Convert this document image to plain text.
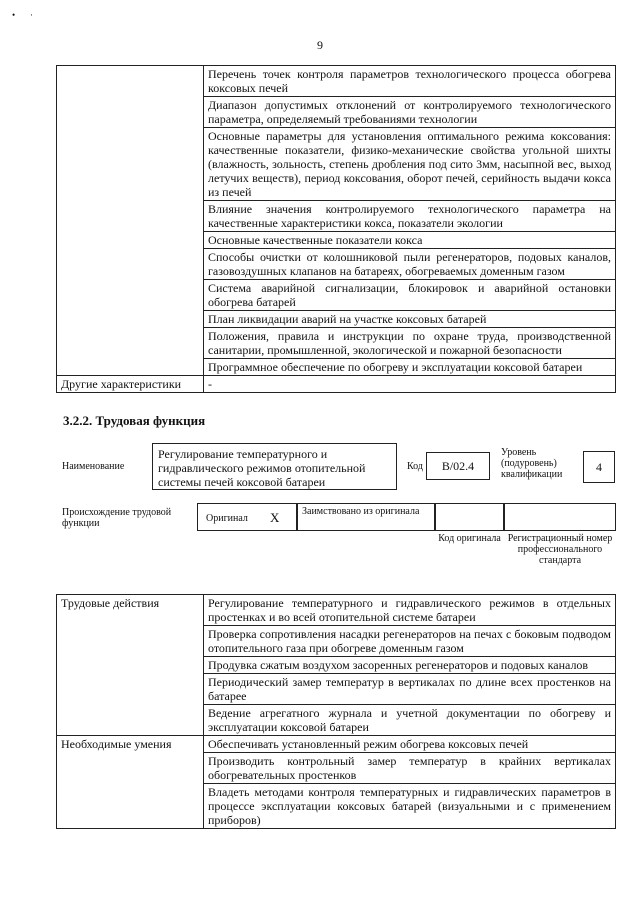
• ·
9
	Перечень точек контроля параметров технологического процесса обогрева коксовых печей
	Диапазон допустимых отклонений от контролируемого технологического параметра, определяемый требованиями технологии
	Основные параметры для установления оптимального режима коксования: качественные показатели, физико-механические свойства угольной шихты (влажность, зольность, степень дробления под сито 3мм, насыпной вес, выход летучих веществ), период коксования, оборот печей, серийность выдачи кокса из печей
	Влияние значения контролируемого технологического параметра на качественные характеристики кокса, показатели экологии
	Основные качественные показатели кокса
	Способы очистки от колошниковой пыли регенераторов, подовых каналов, газовоздушных клапанов на батареях, обогреваемых доменным газом
	Система аварийной сигнализации, блокировок и аварийной остановки обогрева батарей
	План ликвидации аварий на участке коксовых батарей
	Положения, правила и инструкции по охране труда, производственной санитарии, промышленной, экологической и пожарной безопасности
	Программное обеспечение по обогреву и эксплуатации коксовой батареи
Другие характеристики	-
3.2.2. Трудовая функция
Наименование
Регулирование температурного и гидравлического режимов отопительной системы печей коксовой батареи
Код	В/02.4
Уровень (подуровень) квалификации
4
Происхождение трудовой функции	Оригинал X	Заимствовано из оригинала
Код оригинала Регистрационный номер профессионального стандарта
Трудовые действия	Регулирование температурного и гидравлического режимов в отдельных простенках и во всей отопительной системе батареи
	Проверка сопротивления насадки регенераторов на печах с боковым подводом отопительного газа при обогреве доменным газом
	Продувка сжатым воздухом засоренных регенераторов и подовых каналов
	Периодический замер температур в вертикалах по длине всех простенков на батарее
	Ведение агрегатного журнала и учетной документации по обогреву и эксплуатации коксовой батареи
Необходимые умения	Обеспечивать установленный режим обогрева коксовых печей
	Производить контрольный замер температур в крайних вертикалах обогревательных простенков
	Владеть методами контроля температурных и гидравлических параметров в процессе эксплуатации коксовых батарей (визуальными и с применением приборов)
